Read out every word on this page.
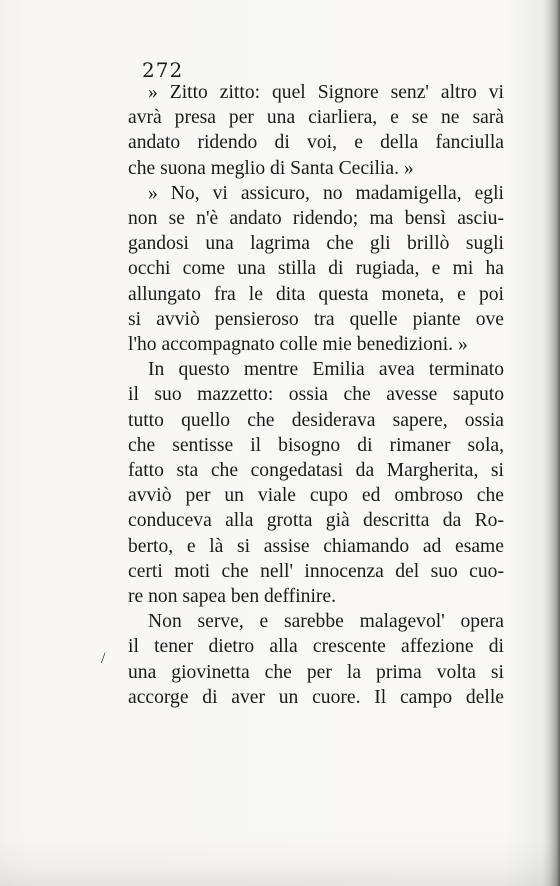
272

» Zitto zitto: quel Signore senz' altro vi
avrà presa per una ciarliera, e se ne sarà
andato ridendo di voi, e della fanciulla
che suona meglio di Santa Cecilia. »

» No, vi assicuro, no madamigella, egli
non se n'è andato ridendo; ma bensì asciu-
gandosi una lagrima che gli brillò sugli
occhi come una stilla di rugiada, e mi ha
allungato fra le dita questa moneta, e poi
si avviò pensieroso tra quelle piante ove
l'ho accompagnato colle mie benedizioni. »

In questo mentre Emilia avea terminato
il suo mazzetto: ossia che avesse saputo
tutto quello che desiderava sapere, ossia
che sentisse il bisogno di rimaner sola,
fatto sta che congedatasi da Margherita, si
avviò per un viale cupo ed ombroso che
conduceva alla grotta già descritta da Ro-
berto, e là si assise chiamando ad esame
certi moti che nell' innocenza del suo cuo-
re non sapea ben deffinire.

Non serve, e sarebbe malagevol' opera
il tener dietro alla crescente affezione di
una giovinetta che per la prima volta si
accorge di aver un cuore. Il campo delle

/
